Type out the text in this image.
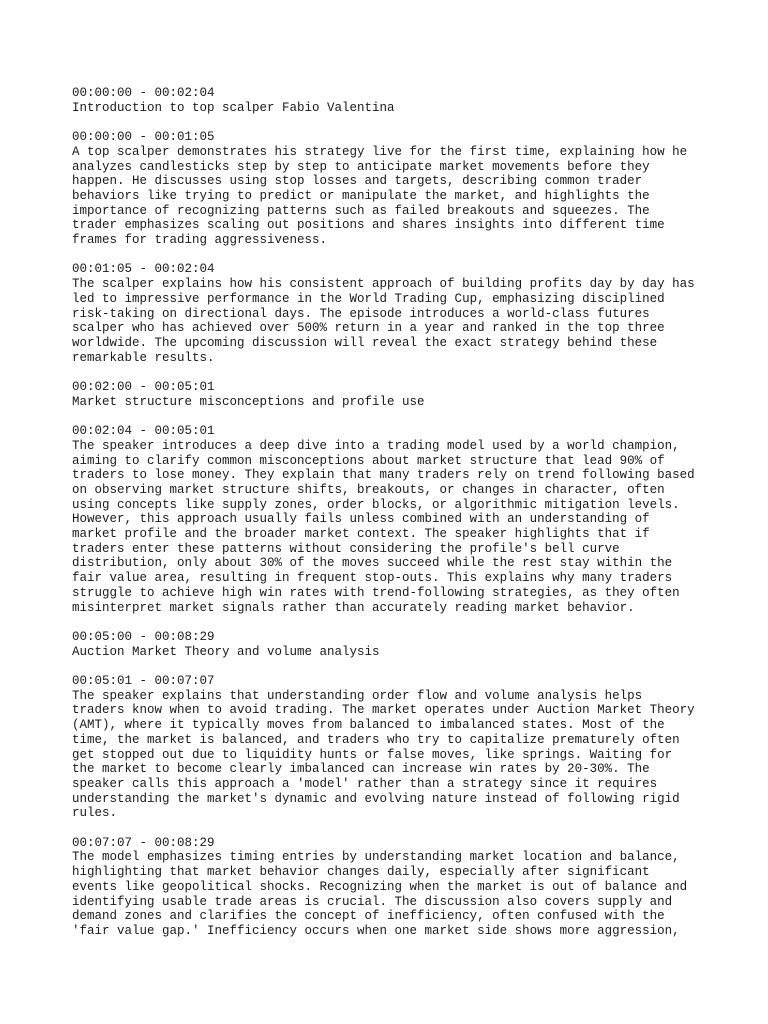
00:00:00 - 00:02:04
Introduction to top scalper Fabio Valentina
00:00:00 - 00:01:05
A top scalper demonstrates his strategy live for the first time, explaining how he
analyzes candlesticks step by step to anticipate market movements before they
happen. He discusses using stop losses and targets, describing common trader
behaviors like trying to predict or manipulate the market, and highlights the
importance of recognizing patterns such as failed breakouts and squeezes. The
trader emphasizes scaling out positions and shares insights into different time
frames for trading aggressiveness.
00:01:05 - 00:02:04
The scalper explains how his consistent approach of building profits day by day has
led to impressive performance in the World Trading Cup, emphasizing disciplined
risk-taking on directional days. The episode introduces a world-class futures
scalper who has achieved over 500% return in a year and ranked in the top three
worldwide. The upcoming discussion will reveal the exact strategy behind these
remarkable results.
00:02:00 - 00:05:01
Market structure misconceptions and profile use
00:02:04 - 00:05:01
The speaker introduces a deep dive into a trading model used by a world champion,
aiming to clarify common misconceptions about market structure that lead 90% of
traders to lose money. They explain that many traders rely on trend following based
on observing market structure shifts, breakouts, or changes in character, often
using concepts like supply zones, order blocks, or algorithmic mitigation levels.
However, this approach usually fails unless combined with an understanding of
market profile and the broader market context. The speaker highlights that if
traders enter these patterns without considering the profile's bell curve
distribution, only about 30% of the moves succeed while the rest stay within the
fair value area, resulting in frequent stop-outs. This explains why many traders
struggle to achieve high win rates with trend-following strategies, as they often
misinterpret market signals rather than accurately reading market behavior.
00:05:00 - 00:08:29
Auction Market Theory and volume analysis
00:05:01 - 00:07:07
The speaker explains that understanding order flow and volume analysis helps
traders know when to avoid trading. The market operates under Auction Market Theory
(AMT), where it typically moves from balanced to imbalanced states. Most of the
time, the market is balanced, and traders who try to capitalize prematurely often
get stopped out due to liquidity hunts or false moves, like springs. Waiting for
the market to become clearly imbalanced can increase win rates by 20-30%. The
speaker calls this approach a 'model' rather than a strategy since it requires
understanding the market's dynamic and evolving nature instead of following rigid
rules.
00:07:07 - 00:08:29
The model emphasizes timing entries by understanding market location and balance,
highlighting that market behavior changes daily, especially after significant
events like geopolitical shocks. Recognizing when the market is out of balance and
identifying usable trade areas is crucial. The discussion also covers supply and
demand zones and clarifies the concept of inefficiency, often confused with the
'fair value gap.' Inefficiency occurs when one market side shows more aggression,
